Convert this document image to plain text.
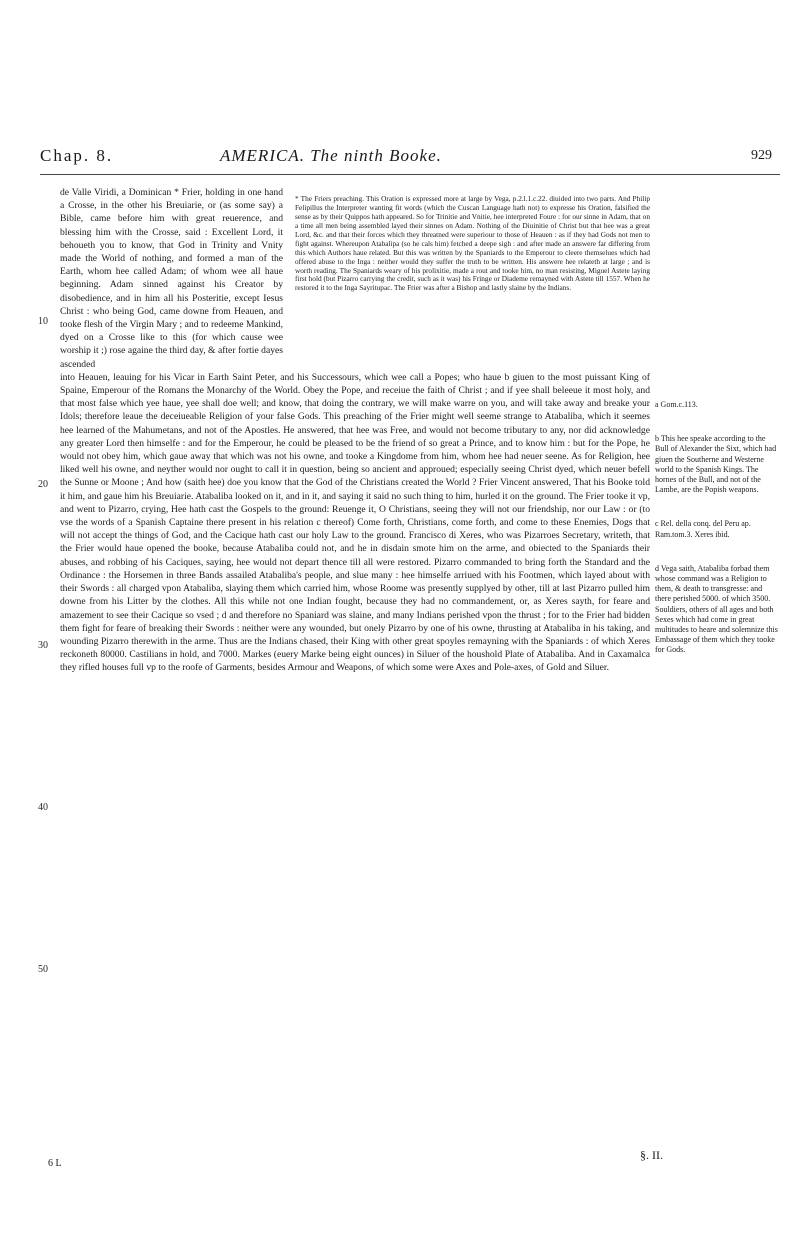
Chap. 8.	AMERICA. The ninth Booke.	929

de Valle Viridi, a Dominican * Frier, holding in one hand a Crosse, in the other his Breuiarie, or (as some say) a Bible, came before him with great reuerence, and blessing him with the Crosse, said : Excellent Lord, it behoueth you to know, that God in Trinity and Vnity made the World of nothing, and formed a man of the Earth, whom hee called Adam; of whom wee all haue beginning. Adam sinned against his Creator by disobedience, and in him all his Posteritie, except Iesus Christ : who being God, came downe from Heauen, and tooke flesh of the Virgin Mary ; and to redeeme Mankind, dyed on a Crosse like to this (for which cause wee worship it ;) rose againe the third day, & after fortie dayes ascended

* The Friers preaching. This Oration is expressed more at large by Vega, p.2.l.1.c.22. diuided into two parts. And Philip Felipillus the Interpreter wanting fit words (which the Cuscan Language hath not) to expresse his Oration, falsified the sense as by their Quippos hath appeared. So for Trinitie and Vnitie, hee interpreted Foure : for our sinne in Adam, that on a time all men being assembled layed their sinnes on Adam. Nothing of the Diuinitie of Christ but that hee was a great Lord, &c. and that their forces which they threatned were superiour to those of Heauen : as if they had Gods not men to fight against. Whereupon Atabalipa (so he cals him) fetched a deepe sigh : and after made an answere far differing from this which Authors haue related. But this was written by the Spaniards to the Emperour to cleere themselues which had offered abuse to the Inga : neither would they suffer the truth to be written. His answere hee relateth at large ; and is worth reading. The Spaniards weary of his prolixitie, made a rout and tooke him, no man resisting, Miguel Astete laying first hold (but Pizarro carrying the credit, such as it was) his Fringe or Diademe remayned with Astete till 1557. When he restored it to the Inga Sayritupac. The Frier was after a Bishop and lastly slaine by the Indians.

into Heauen, leauing for his Vicar in Earth Saint Peter, and his Successours, which wee call a Popes; who haue b giuen to the most puissant King of Spaine, Emperour of the Romans the Monarchy of the World. Obey the Pope, and receiue the faith of Christ ; and if yee shall beleeue it most holy, and that most false which yee haue, yee shall doe well; and know, that doing the contrary, we will make warre on you, and will take away and breake your Idols; therefore leaue the deceiueable Religion of your false Gods. This preaching of the Frier might well seeme strange to Atabaliba, which it seemes hee learned of the Mahumetans, and not of the Apostles. He answered, that hee was Free, and would not become tributary to any, nor did acknowledge any greater Lord then himselfe : and for the Emperour, he could be pleased to be the friend of so great a Prince, and to know him : but for the Pope, he would not obey him, which gaue away that which was not his owne, and tooke a Kingdome from him, whom hee had neuer seene. As for Religion, hee liked well his owne, and neyther would nor ought to call it in question, being so ancient and approued; especially seeing Christ dyed, which neuer befell the Sunne or Moone ; And how (saith hee) doe you know that the God of the Christians created the World ? Frier Vincent answered, That his Booke told it him, and gaue him his Breuiarie. Atabaliba looked on it, and in it, and saying it said no such thing to him, hurled it on the ground. The Frier tooke it vp, and went to Pizarro, crying, Hee hath cast the Gospels to the ground: Reuenge it, O Christians, seeing they will not our friendship, nor our Law : or (to vse the words of a Spanish Captaine there present in his relation c thereof) Come forth, Christians, come forth, and come to these Enemies, Dogs that will not accept the things of God, and the Cacique hath cast our holy Law to the ground. Francisco di Xeres, who was Pizarroes Secretary, writeth, that the Frier would haue opened the booke, because Atabaliba could not, and he in disdain smote him on the arme, and obiected to the Spaniards their abuses, and robbing of his Caciques, saying, hee would not depart thence till all were restored. Pizarro commanded to bring forth the Standard and the Ordinance : the Horsemen in three Bands assailed Atabaliba's people, and slue many : hee himselfe arriued with his Footmen, which layed about with their Swords : all charged vpon Atabaliba, slaying them which carried him, whose Roome was presently supplyed by other, till at last Pizarro pulled him downe from his Litter by the clothes. All this while not one Indian fought, because they had no commandement, or, as Xeres sayth, for feare and amazement to see their Cacique so vsed ; d and therefore no Spaniard was slaine, and many Indians perished vpon the thrust ; for to the Frier had bidden them fight for feare of breaking their Swords : neither were any wounded, but onely Pizarro by one of his owne, thrusting at Atabaliba in his taking, and wounding Pizarro therewith in the arme. Thus are the Indians chased, their King with other great spoyles remayning with the Spaniards : of which Xeres reckoneth 80000. Castilians in hold, and 7000. Markes (euery Marke being eight ounces) in Siluer of the houshold Plate of Atabaliba. And in Caxamalca they rifled houses full vp to the roofe of Garments, besides Armour and Weapons, of which some were Axes and Pole-axes, of Gold and Siluer.

10
20
30
40
50
a Gom.c.113.
b This hee speake according to the Bull of Alexander the Sixt, which had giuen the Southerne and Westerne world to the Spanish Kings. The hornes of the Bull, and not of the Lambe, are the Popish weapons.
c Rel. della conq. del Peru ap. Ram.tom.3. Xeres ibid.
d Vega saith, Atabaliba forbad them whose command was a Religion to them, & death to transgresse: and there perished 5000. of which 3500. Souldiers, others of all ages and both Sexes which had come in great multitudes to heare and solemnize this Embassage of them which they tooke for Gods.
6 L
§. II.
